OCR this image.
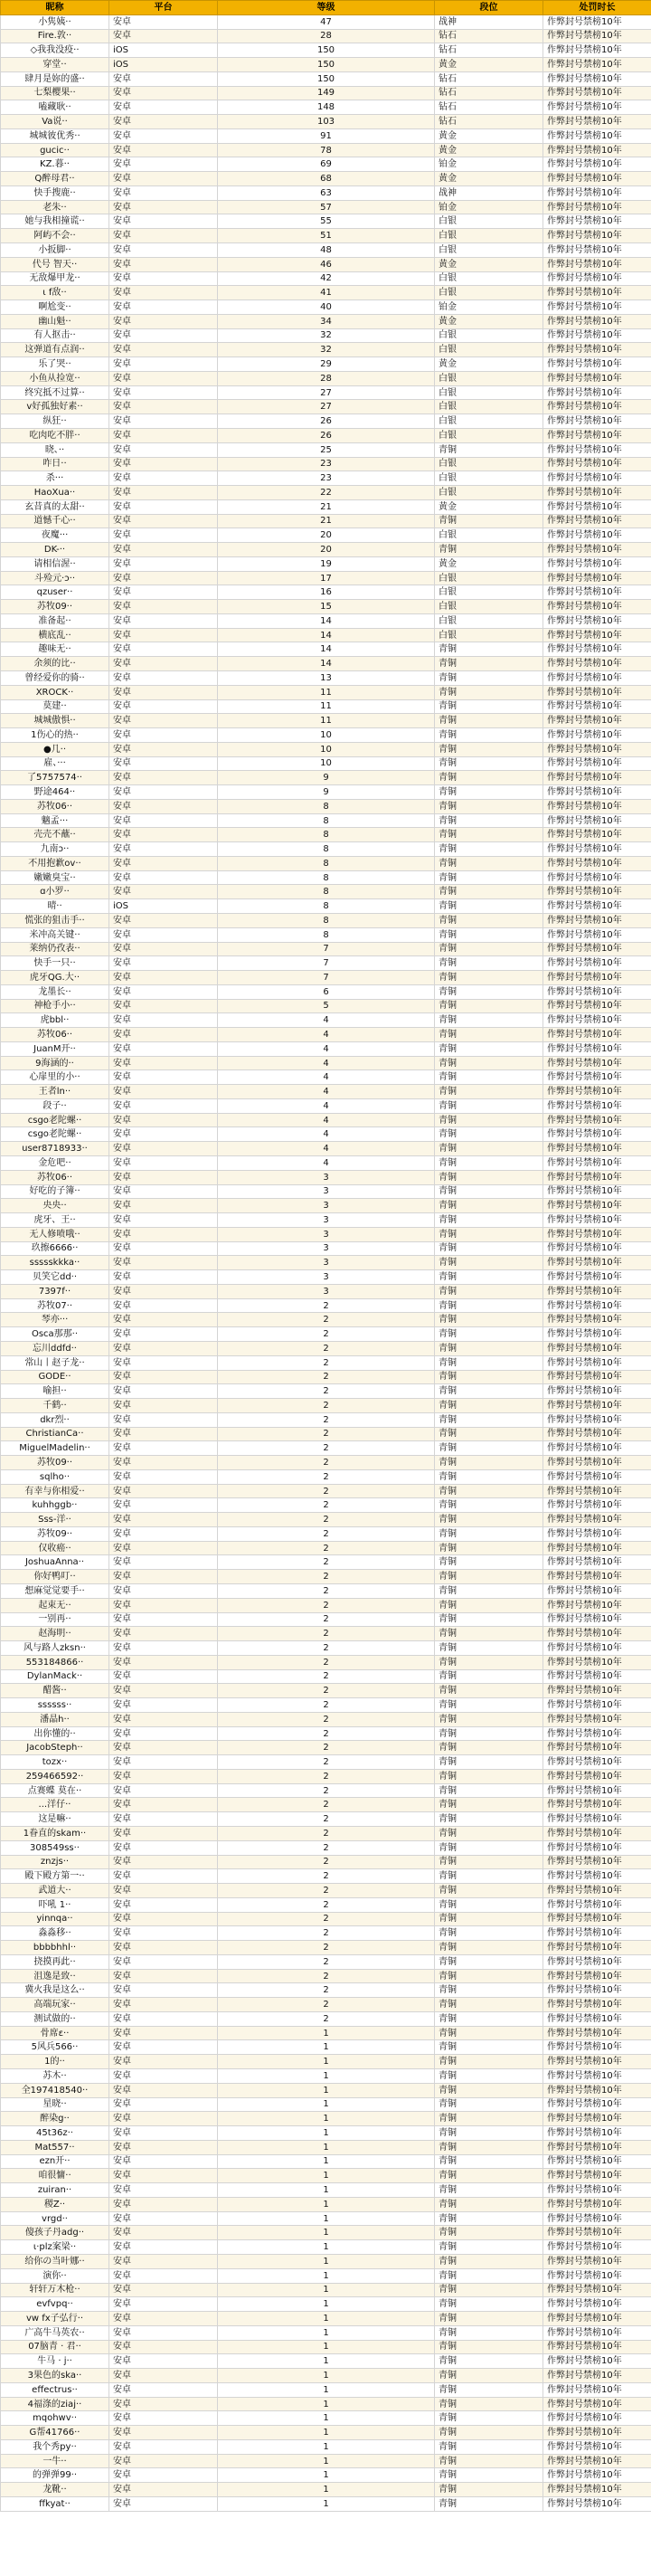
昵称	平台	等级	段位	处罚时长
小隽姨··	安卓	47	战神	作弊封号禁榜10年
Fire.敦··	安卓	28	钻石	作弊封号禁榜10年
◇我我没疫··	iOS	150	钻石	作弊封号禁榜10年
穿堂··	iOS	150	黄金	作弊封号禁榜10年
肆月是妳的盛··	安卓	150	钻石	作弊封号禁榜10年
七梨樱果··	安卓	149	钻石	作弊封号禁榜10年
嗑藏耿··	安卓	148	钻石	作弊封号禁榜10年
Va说··	安卓	103	钻石	作弊封号禁榜10年
城城彼优秀··	安卓	91	黄金	作弊封号禁榜10年
gucic··	安卓	78	黄金	作弊封号禁榜10年
KZ.暮··	安卓	69	铂金	作弊封号禁榜10年
Q醉母君··	安卓	68	黄金	作弊封号禁榜10年
快手搜鹿··	安卓	63	战神	作弊封号禁榜10年
老朱··	安卓	57	铂金	作弊封号禁榜10年
她与我相撞谎··	安卓	55	白银	作弊封号禁榜10年
阿屿不会··	安卓	51	白银	作弊封号禁榜10年
小扳脚··	安卓	48	白银	作弊封号禁榜10年
代号 智天··	安卓	46	黄金	作弊封号禁榜10年
无敌爆甲龙··	安卓	42	白银	作弊封号禁榜10年
ι f敌··	安卓	41	白银	作弊封号禁榜10年
啊尬变··	安卓	40	铂金	作弊封号禁榜10年
幽山魁··	安卓	34	黄金	作弊封号禁榜10年
有人抠击··	安卓	32	白银	作弊封号禁榜10年
这弹道有点润··	安卓	32	白银	作弊封号禁榜10年
乐了哭··	安卓	29	黄金	作弊封号禁榜10年
小鱼从捡宽··	安卓	28	白银	作弊封号禁榜10年
终究抵不过算··	安卓	27	白银	作弊封号禁榜10年
v好孤独好素··	安卓	27	白银	作弊封号禁榜10年
纵狂··	安卓	26	白银	作弊封号禁榜10年
吃肉吃不胖··	安卓	26	白银	作弊封号禁榜10年
晓、··	安卓	25	青铜	作弊封号禁榜10年
咋日··	安卓	23	白银	作弊封号禁榜10年
杀···	安卓	23	白银	作弊封号禁榜10年
HaoXua··	安卓	22	白银	作弊封号禁榜10年
玄昔真的太甜··	安卓	21	黄金	作弊封号禁榜10年
道憾千心··	安卓	21	青铜	作弊封号禁榜10年
夜魔···	安卓	20	白银	作弊封号禁榜10年
DK-··	安卓	20	青铜	作弊封号禁榜10年
请相信渥··	安卓	19	黄金	作弊封号禁榜10年
斗殓元·ɔ··	安卓	17	白银	作弊封号禁榜10年
qzuser··	安卓	16	白银	作弊封号禁榜10年
苏牧09··	安卓	15	白银	作弊封号禁榜10年
准备起··	安卓	14	白银	作弊封号禁榜10年
横底乱··	安卓	14	白银	作弊封号禁榜10年
趣味无··	安卓	14	青铜	作弊封号禁榜10年
余须的比··	安卓	14	青铜	作弊封号禁榜10年
曾经爱你的骑··	安卓	13	青铜	作弊封号禁榜10年
XROCK··	安卓	11	青铜	作弊封号禁榜10年
莫建··	安卓	11	青铜	作弊封号禁榜10年
城城傲惧··	安卓	11	青铜	作弊封号禁榜10年
1伤心的热··	安卓	10	青铜	作弊封号禁榜10年
●几··	安卓	10	青铜	作弊封号禁榜10年
雇、···	安卓	10	青铜	作弊封号禁榜10年
了5757574··	安卓	9	青铜	作弊封号禁榜10年
野途464··	安卓	9	青铜	作弊封号禁榜10年
苏牧06··	安卓	8	青铜	作弊封号禁榜10年
魑孟···	安卓	8	青铜	作弊封号禁榜10年
壳壳不蘸··	安卓	8	青铜	作弊封号禁榜10年
九南ɔ··	安卓	8	青铜	作弊封号禁榜10年
不用抱歉ov··	安卓	8	青铜	作弊封号禁榜10年
嫩嫩臭宝··	安卓	8	青铜	作弊封号禁榜10年
ɑ小罗··	安卓	8	青铜	作弊封号禁榜10年
晴··	iOS	8	青铜	作弊封号禁榜10年
慌张的狙击手··	安卓	8	青铜	作弊封号禁榜10年
米冲高关键··	安卓	8	青铜	作弊封号禁榜10年
莱纳仍孜表··	安卓	7	青铜	作弊封号禁榜10年
快手一只··	安卓	7	青铜	作弊封号禁榜10年
虎牙QG.大··	安卓	7	青铜	作弊封号禁榜10年
龙墨长··	安卓	6	青铜	作弊封号禁榜10年
神枪手小··	安卓	5	青铜	作弊封号禁榜10年
虎bbl··	安卓	4	青铜	作弊封号禁榜10年
苏牧06··	安卓	4	青铜	作弊封号禁榜10年
JuanM开··	安卓	4	青铜	作弊封号禁榜10年
9海涵的··	安卓	4	青铜	作弊封号禁榜10年
心扉里的小··	安卓	4	青铜	作弊封号禁榜10年
王者ln··	安卓	4	青铜	作弊封号禁榜10年
段子··	安卓	4	青铜	作弊封号禁榜10年
csgo老陀螺··	安卓	4	青铜	作弊封号禁榜10年
csgo老陀螺··	安卓	4	青铜	作弊封号禁榜10年
user8718933··	安卓	4	青铜	作弊封号禁榜10年
金危吧··	安卓	4	青铜	作弊封号禁榜10年
苏牧06··	安卓	3	青铜	作弊封号禁榜10年
好吃的子簿··	安卓	3	青铜	作弊封号禁榜10年
央央··	安卓	3	青铜	作弊封号禁榜10年
虎牙、王··	安卓	3	青铜	作弊封号禁榜10年
无人修喷哦··	安卓	3	青铜	作弊封号禁榜10年
玖擦6666··	安卓	3	青铜	作弊封号禁榜10年
ssssskkka··	安卓	3	青铜	作弊封号禁榜10年
贝笑它dd··	安卓	3	青铜	作弊封号禁榜10年
7397f··	安卓	3	青铜	作弊封号禁榜10年
苏牧07··	安卓	2	青铜	作弊封号禁榜10年
琴亦···	安卓	2	青铜	作弊封号禁榜10年
Osca那那··	安卓	2	青铜	作弊封号禁榜10年
忘川ddfd··	安卓	2	青铜	作弊封号禁榜10年
常山丨赵子龙··	安卓	2	青铜	作弊封号禁榜10年
GODE··	安卓	2	青铜	作弊封号禁榜10年
喻担··	安卓	2	青铜	作弊封号禁榜10年
千鹤··	安卓	2	青铜	作弊封号禁榜10年
dkr烈··	安卓	2	青铜	作弊封号禁榜10年
ChristianCa··	安卓	2	青铜	作弊封号禁榜10年
MiguelMadelin··	安卓	2	青铜	作弊封号禁榜10年
苏牧09··	安卓	2	青铜	作弊封号禁榜10年
sqlho··	安卓	2	青铜	作弊封号禁榜10年
有幸与你相爱··	安卓	2	青铜	作弊封号禁榜10年
kuhhggb··	安卓	2	青铜	作弊封号禁榜10年
Sss-洋··	安卓	2	青铜	作弊封号禁榜10年
苏牧09··	安卓	2	青铜	作弊封号禁榜10年
仅收癌··	安卓	2	青铜	作弊封号禁榜10年
JoshuaAnna··	安卓	2	青铜	作弊封号禁榜10年
你好鸭叮··	安卓	2	青铜	作弊封号禁榜10年
想麻觉觉要手··	安卓	2	青铜	作弊封号禁榜10年
起束无··	安卓	2	青铜	作弊封号禁榜10年
一别再··	安卓	2	青铜	作弊封号禁榜10年
赵海明··	安卓	2	青铜	作弊封号禁榜10年
风与路人zksn··	安卓	2	青铜	作弊封号禁榜10年
553184866··	安卓	2	青铜	作弊封号禁榜10年
DylanMack··	安卓	2	青铜	作弊封号禁榜10年
醋酱··	安卓	2	青铜	作弊封号禁榜10年
ssssss··	安卓	2	青铜	作弊封号禁榜10年
潘晶h··	安卓	2	青铜	作弊封号禁榜10年
出你懂的··	安卓	2	青铜	作弊封号禁榜10年
JacobSteph··	安卓	2	青铜	作弊封号禁榜10年
tozx··	安卓	2	青铜	作弊封号禁榜10年
259466592··	安卓	2	青铜	作弊封号禁榜10年
点赛蝶 莫在··	安卓	2	青铜	作弊封号禁榜10年
...洋仔··	安卓	2	青铜	作弊封号禁榜10年
这是嘛··	安卓	2	青铜	作弊封号禁榜10年
1眷直的skam··	安卓	2	青铜	作弊封号禁榜10年
308549ss··	安卓	2	青铜	作弊封号禁榜10年
znzjs··	安卓	2	青铜	作弊封号禁榜10年
殿下殿方第一··	安卓	2	青铜	作弊封号禁榜10年
武道大··	安卓	2	青铜	作弊封号禁榜10年
吓吼 1··	安卓	2	青铜	作弊封号禁榜10年
yinnqa··	安卓	2	青铜	作弊封号禁榜10年
淼淼移··	安卓	2	青铜	作弊封号禁榜10年
bbbbhhl··	安卓	2	青铜	作弊封号禁榜10年
挠摸再此··	安卓	2	青铜	作弊封号禁榜10年
沮逸是致··	安卓	2	青铜	作弊封号禁榜10年
冀火我是这么··	安卓	2	青铜	作弊封号禁榜10年
高端玩家··	安卓	2	青铜	作弊封号禁榜10年
测试做的··	安卓	2	青铜	作弊封号禁榜10年
骨席ε··	安卓	1	青铜	作弊封号禁榜10年
5风兵566··	安卓	1	青铜	作弊封号禁榜10年
1的··	安卓	1	青铜	作弊封号禁榜10年
苏木··	安卓	1	青铜	作弊封号禁榜10年
全197418540··	安卓	1	青铜	作弊封号禁榜10年
星晓··	安卓	1	青铜	作弊封号禁榜10年
醉染g··	安卓	1	青铜	作弊封号禁榜10年
45t36z··	安卓	1	青铜	作弊封号禁榜10年
Mat557··	安卓	1	青铜	作弊封号禁榜10年
ezn开··	安卓	1	青铜	作弊封号禁榜10年
咱很慵··	安卓	1	青铜	作弊封号禁榜10年
zuiran··	安卓	1	青铜	作弊封号禁榜10年
稷Z··	安卓	1	青铜	作弊封号禁榜10年
vrgd··	安卓	1	青铜	作弊封号禁榜10年
傻孩子丹adg··	安卓	1	青铜	作弊封号禁榜10年
ι·plz案梁··	安卓	1	青铜	作弊封号禁榜10年
给你の当叶娜··	安卓	1	青铜	作弊封号禁榜10年
演你··	安卓	1	青铜	作弊封号禁榜10年
轩轩万木枪··	安卓	1	青铜	作弊封号禁榜10年
evfvpq··	安卓	1	青铜	作弊封号禁榜10年
vw fx子弘行··	安卓	1	青铜	作弊封号禁榜10年
广高牛马英农··	安卓	1	青铜	作弊封号禁榜10年
07脑青 · 君··	安卓	1	青铜	作弊封号禁榜10年
牛马 · j··	安卓	1	青铜	作弊封号禁榜10年
3果色的ska··	安卓	1	青铜	作弊封号禁榜10年
effectrus··	安卓	1	青铜	作弊封号禁榜10年
4福涤的ziaj··	安卓	1	青铜	作弊封号禁榜10年
mqohwv··	安卓	1	青铜	作弊封号禁榜10年
G帮41766··	安卓	1	青铜	作弊封号禁榜10年
我个秀py··	安卓	1	青铜	作弊封号禁榜10年
一牛··	安卓	1	青铜	作弊封号禁榜10年
的弹弹99··	安卓	1	青铜	作弊封号禁榜10年
龙靴··	安卓	1	青铜	作弊封号禁榜10年
ffkyat··	安卓	1	青铜	作弊封号禁榜10年
